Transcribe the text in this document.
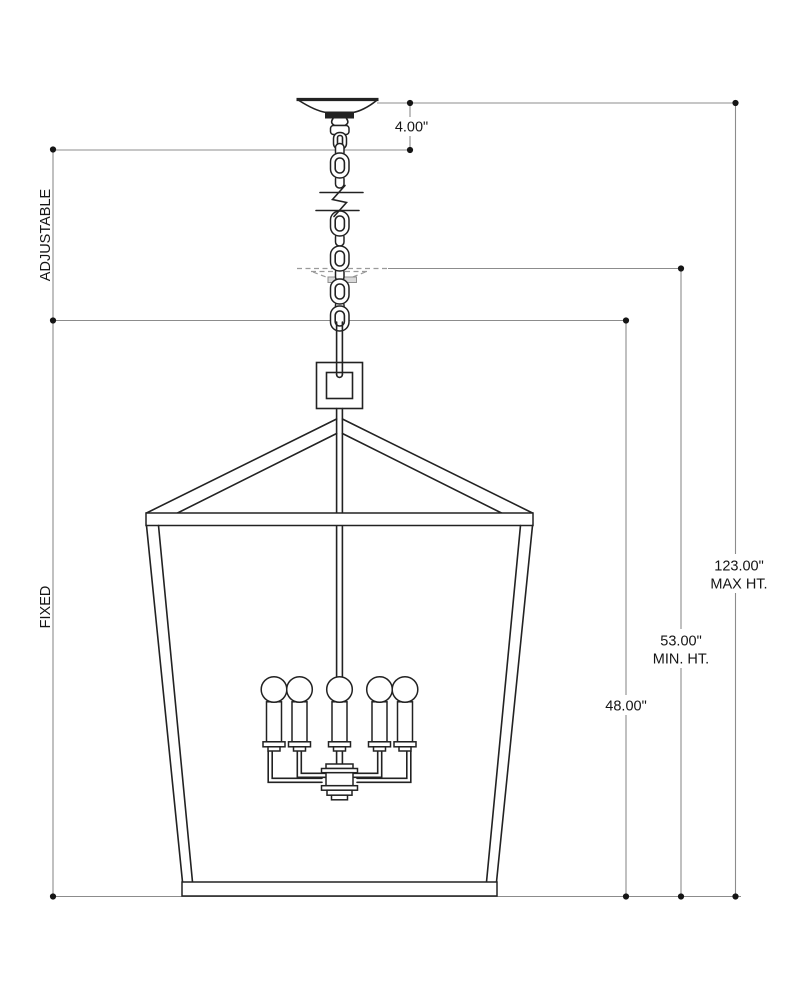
4.00"
123.00"
MAX HT.
53.00"
MIN. HT.
48.00"
ADJUSTABLE
FIXED
